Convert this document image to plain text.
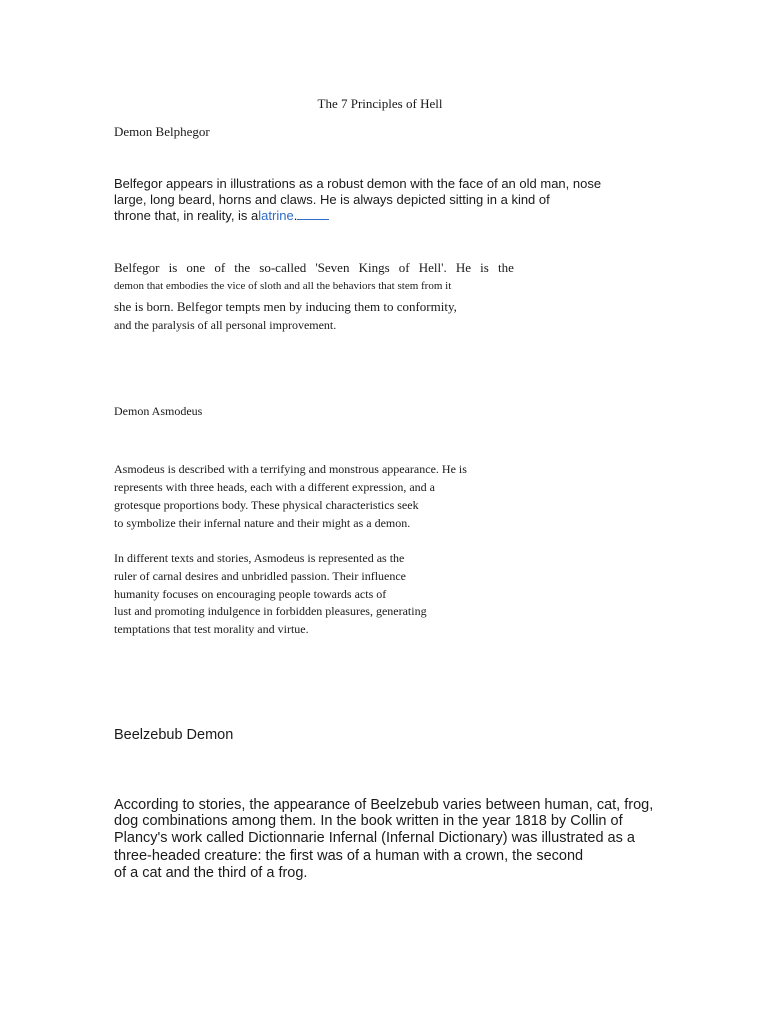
The 7 Principles of Hell
Demon Belphegor
Belfegor appears in illustrations as a robust demon with the face of an old man, nose
large, long beard, horns and claws. He is always depicted sitting in a kind of
throne that, in reality, is alatrine.
Belfegor is one of the so-called 'Seven Kings of Hell'. He is the
demon that embodies the vice of sloth and all the behaviors that stem from it
she is born. Belfegor tempts men by inducing them to conformity,
and the paralysis of all personal improvement.
Demon Asmodeus
Asmodeus is described with a terrifying and monstrous appearance. He is
represents with three heads, each with a different expression, and a
grotesque proportions body. These physical characteristics seek
to symbolize their infernal nature and their might as a demon.
In different texts and stories, Asmodeus is represented as the
ruler of carnal desires and unbridled passion. Their influence
humanity focuses on encouraging people towards acts of
lust and promoting indulgence in forbidden pleasures, generating
temptations that test morality and virtue.
Beelzebub Demon
According to stories, the appearance of Beelzebub varies between human, cat, frog,
dog combinations among them. In the book written in the year 1818 by Collin of
Plancy's work called Dictionnarie Infernal (Infernal Dictionary) was illustrated as a
three-headed creature: the first was of a human with a crown, the second
of a cat and the third of a frog.
